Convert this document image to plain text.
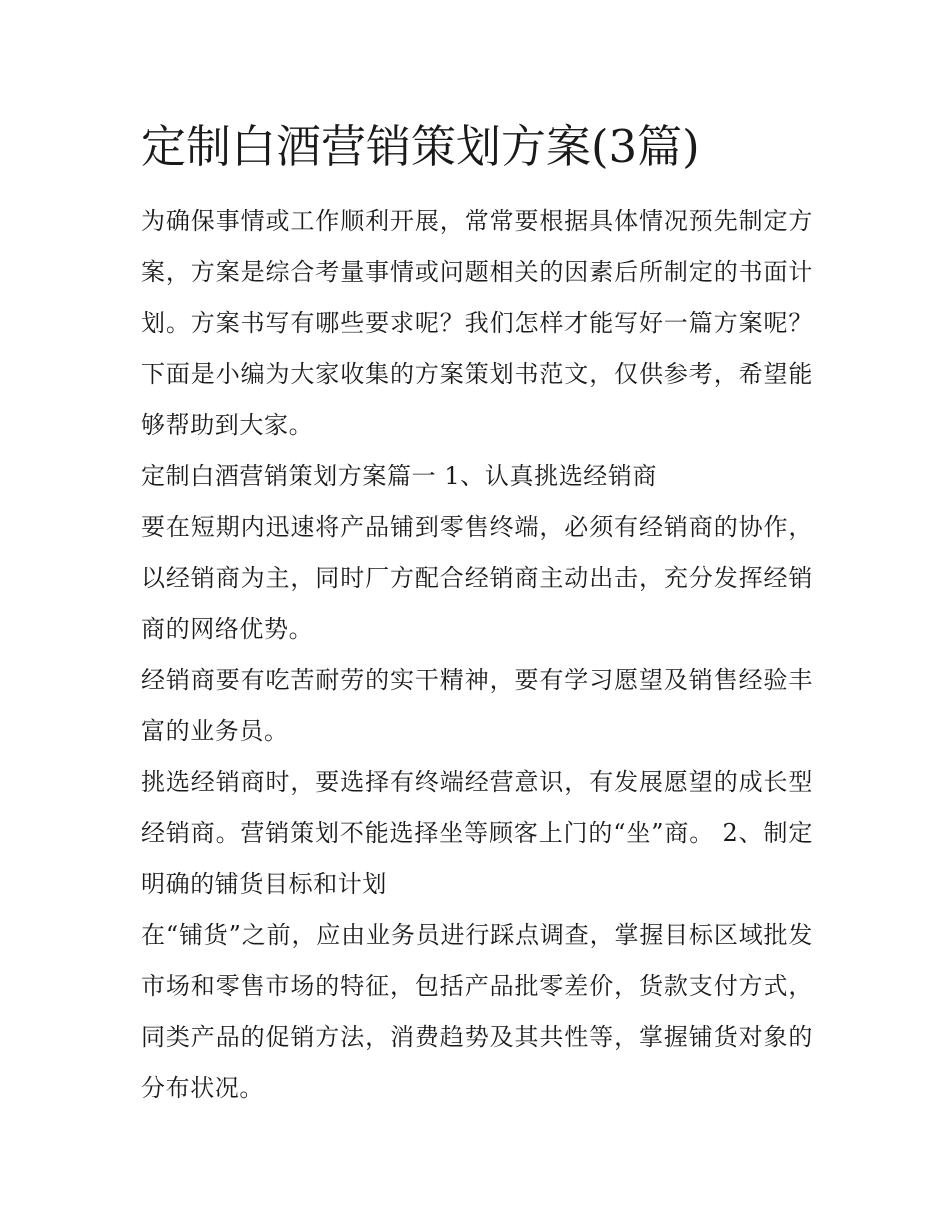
定制白酒营销策划方案(3篇)

为确保事情或工作顺利开展，常常要根据具体情况预先制定方案，方案是综合考量事情或问题相关的因素后所制定的书面计划。方案书写有哪些要求呢？我们怎样才能写好一篇方案呢？下面是小编为大家收集的方案策划书范文，仅供参考，希望能够帮助到大家。

定制白酒营销策划方案篇一 1、认真挑选经销商

要在短期内迅速将产品铺到零售终端，必须有经销商的协作，以经销商为主，同时厂方配合经销商主动出击，充分发挥经销商的网络优势。

经销商要有吃苦耐劳的实干精神，要有学习愿望及销售经验丰富的业务员。

挑选经销商时，要选择有终端经营意识，有发展愿望的成长型经销商。营销策划不能选择坐等顾客上门的“坐”商。 2、制定明确的铺货目标和计划

在“铺货”之前，应由业务员进行踩点调查，掌握目标区域批发市场和零售市场的特征，包括产品批零差价，货款支付方式，同类产品的促销方法，消费趋势及其共性等，掌握铺货对象的分布状况。
